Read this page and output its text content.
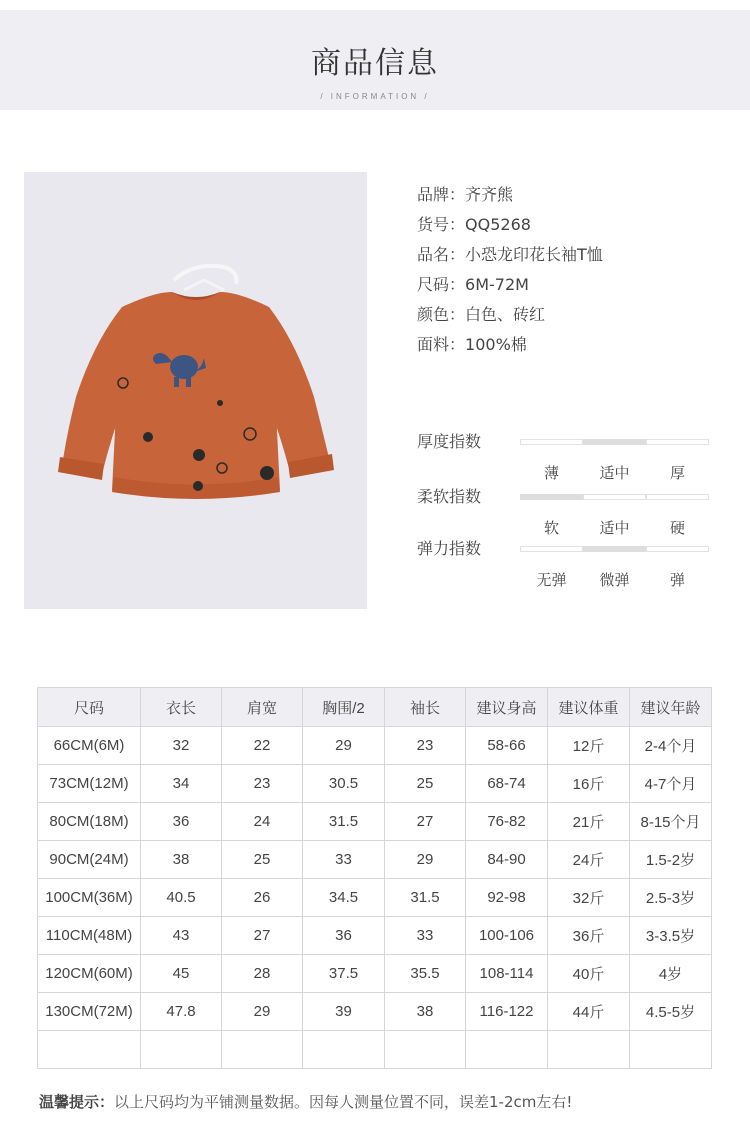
商品信息
/ INFORMATION /
品牌：齐齐熊
货号：QQ5268
品名：小恐龙印花长袖T恤
尺码：6M-72M
颜色：白色、砖红
面料：100%棉
厚度指数
薄	适中	厚
柔软指数
软	适中	硬
弹力指数
无弹	微弹	弹
尺码	衣长	肩宽	胸围/2	袖长	建议身高	建议体重	建议年龄
66CM(6M)	32	22	29	23	58-66	12斤	2-4个月
73CM(12M)	34	23	30.5	25	68-74	16斤	4-7个月
80CM(18M)	36	24	31.5	27	76-82	21斤	8-15个月
90CM(24M)	38	25	33	29	84-90	24斤	1.5-2岁
100CM(36M)	40.5	26	34.5	31.5	92-98	32斤	2.5-3岁
110CM(48M)	43	27	36	33	100-106	36斤	3-3.5岁
120CM(60M)	45	28	37.5	35.5	108-114	40斤	4岁
130CM(72M)	47.8	29	39	38	116-122	44斤	4.5-5岁

温馨提示：以上尺码均为平铺测量数据。因每人测量位置不同，误差1-2cm左右!
